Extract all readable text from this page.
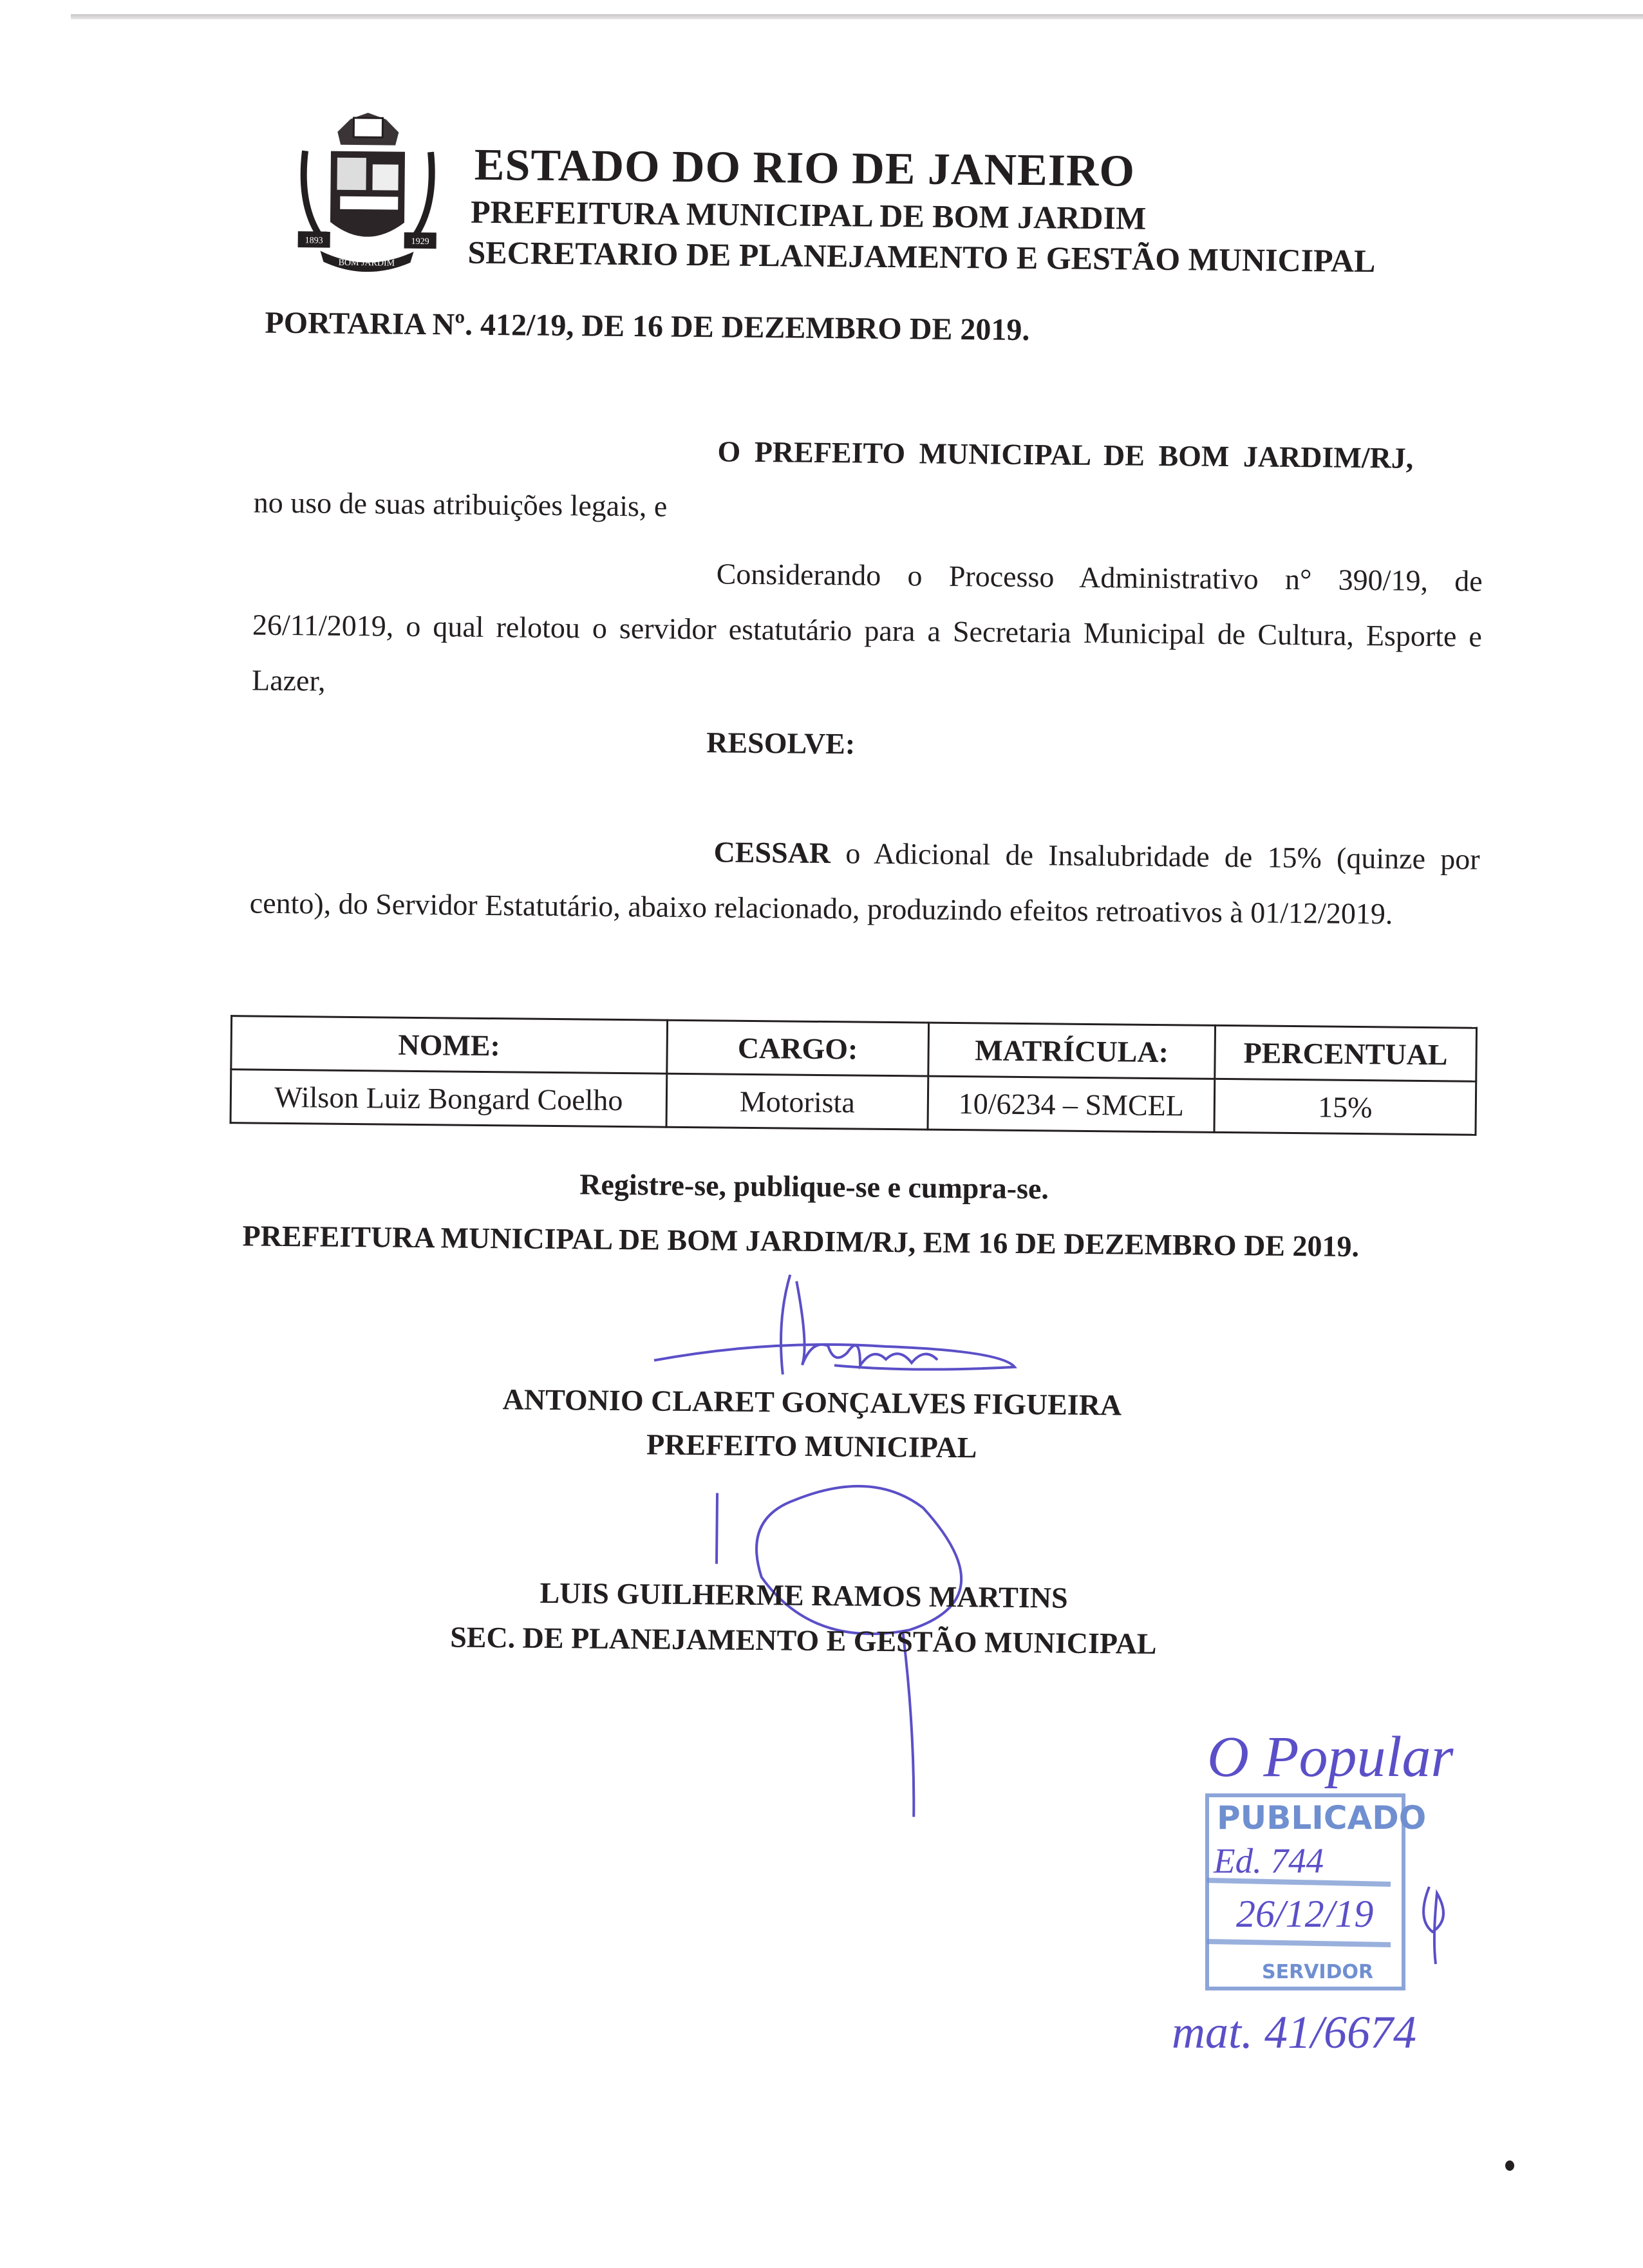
1893	1929
BOM JARDIM
ESTADO DO RIO DE JANEIRO
PREFEITURA MUNICIPAL DE BOM JARDIM
SECRETARIO DE PLANEJAMENTO E GESTÃO MUNICIPAL
PORTARIA Nº. 412/19, DE 16 DE DEZEMBRO DE 2019.
O PREFEITO MUNICIPAL DE BOM JARDIM/RJ,
no uso de suas atribuições legais, e
Considerando o Processo Administrativo n° 390/19, de 26/11/2019, o qual relotou o servidor estatutário para a Secretaria Municipal de Cultura, Esporte e Lazer,
RESOLVE:
CESSAR o Adicional de Insalubridade de 15% (quinze por cento), do Servidor Estatutário, abaixo relacionado, produzindo efeitos retroativos à 01/12/2019.
NOME:	CARGO:	MATRÍCULA:	PERCENTUAL
Wilson Luiz Bongard Coelho	Motorista	10/6234 – SMCEL	15%
Registre-se, publique-se e cumpra-se.
PREFEITURA MUNICIPAL DE BOM JARDIM/RJ, EM 16 DE DEZEMBRO DE 2019.
ANTONIO CLARET GONÇALVES FIGUEIRA
PREFEITO MUNICIPAL
LUIS GUILHERME RAMOS MARTINS
SEC. DE PLANEJAMENTO E GESTÃO MUNICIPAL
O Popular
PUBLICADO
Ed. 744
26/12/19
SERVIDOR
mat. 41/6674
